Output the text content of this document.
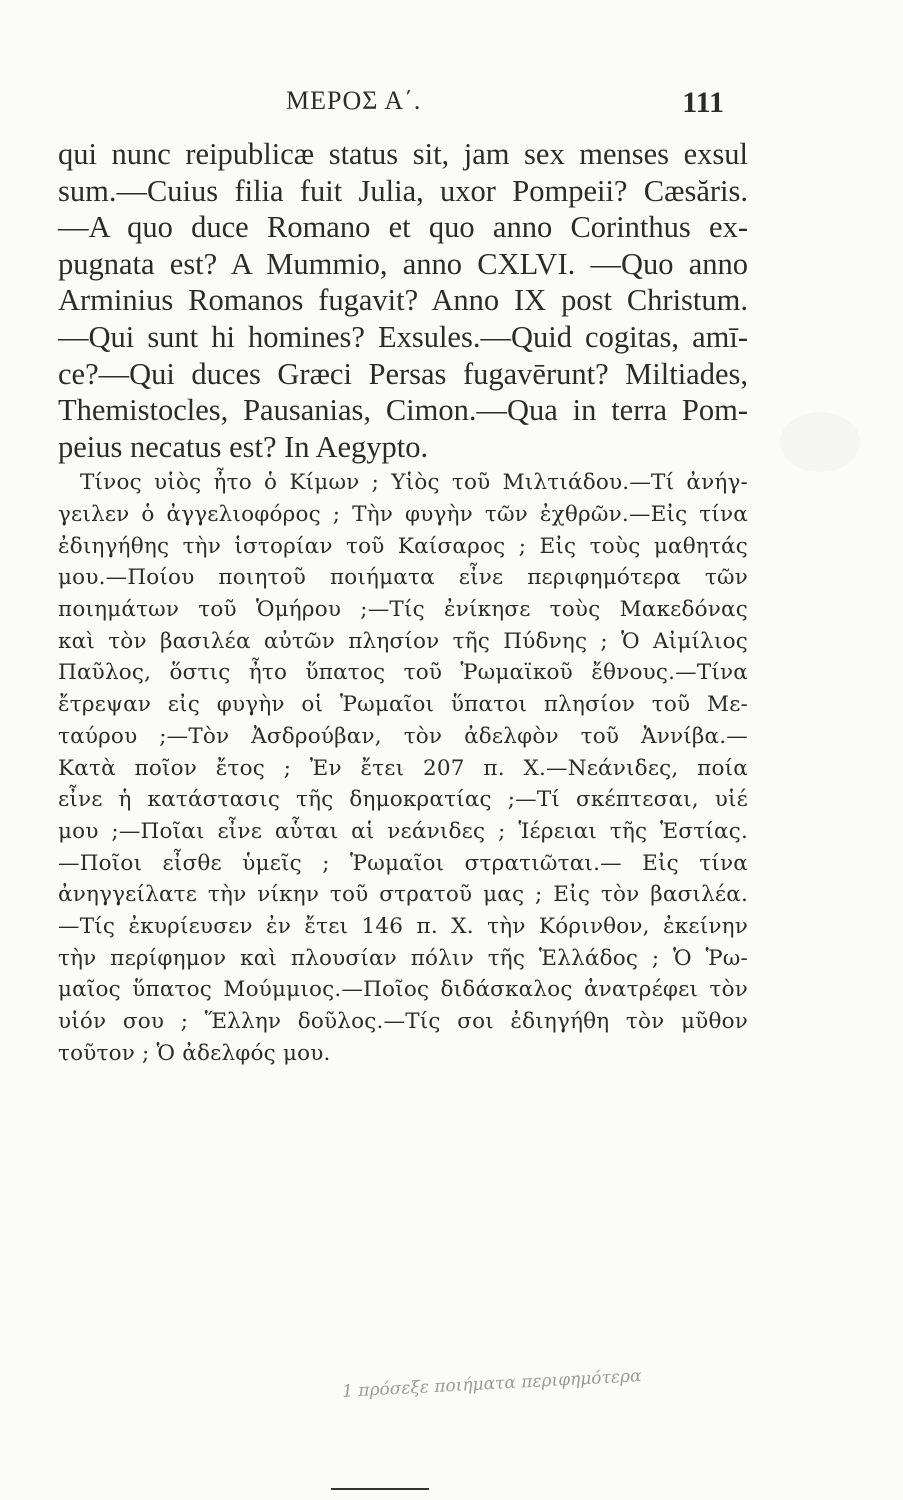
ΜΕΡΟΣ Α΄.	111
qui nunc reipublicæ status sit, jam sex menses exsul
sum.—Cuius filia fuit Julia, uxor Pompeii? Cæsăris.
—A quo duce Romano et quo anno Corinthus ex-
pugnata est? A Mummio, anno CXLVI. —Quo anno
Arminius Romanos fugavit? Anno IX post Christum.
—Qui sunt hi homines? Exsules.—Quid cogitas, amī-
ce?—Qui duces Græci Persas fugavērunt? Miltiades,
Themistocles, Pausanias, Cimon.—Qua in terra Pom-
peius necatus est? In Aegypto.
Τίνος υἱὸς ἦτο ὁ Κίμων ; Υἱὸς τοῦ Μιλτιάδου.—Τί ἀνήγ-
γειλεν ὁ ἀγγελιοφόρος ; Τὴν φυγὴν τῶν ἐχθρῶν.—Εἰς τίνα
ἐδιηγήθης τὴν ἱστορίαν τοῦ Καίσαρος ; Εἰς τοὺς μαθητάς
μου.—Ποίου ποιητοῦ ποιήματα εἶνε περιφημότερα τῶν
ποιημάτων τοῦ Ὁμήρου ;—Τίς ἐνίκησε τοὺς Μακεδόνας
καὶ τὸν βασιλέα αὐτῶν πλησίον τῆς Πύδνης ; Ὁ Αἰμίλιος
Παῦλος, ὅστις ἦτο ὕπατος τοῦ Ῥωμαϊκοῦ ἔθνους.—Τίνα
ἔτρεψαν εἰς φυγὴν οἱ Ῥωμαῖοι ὕπατοι πλησίον τοῦ Με-
ταύρου ;—Τὸν Ἀσδρούβαν, τὸν ἀδελφὸν τοῦ Ἀννίβα.—
Κατὰ ποῖον ἔτος ; Ἐν ἔτει 207 π. Χ.—Νεάνιδες, ποία
εἶνε ἡ κατάστασις τῆς δημοκρατίας ;—Τί σκέπτεσαι, υἱέ
μου ;—Ποῖαι εἶνε αὗται αἱ νεάνιδες ; Ἱέρειαι τῆς Ἑστίας.
—Ποῖοι εἶσθε ὑμεῖς ; Ῥωμαῖοι στρατιῶται.— Εἰς τίνα
ἀνηγγείλατε τὴν νίκην τοῦ στρατοῦ μας ; Εἰς τὸν βασιλέα.
—Τίς ἐκυρίευσεν ἐν ἔτει 146 π. Χ. τὴν Κόρινθον, ἐκείνην
τὴν περίφημον καὶ πλουσίαν πόλιν τῆς Ἑλλάδος ; Ὁ Ῥω-
μαῖος ὕπατος Μούμμιος.—Ποῖος διδάσκαλος ἀνατρέφει τὸν
υἱόν σου ; Ἕλλην δοῦλος.—Τίς σοι ἐδιηγήθη τὸν μῦθον
τοῦτον ; Ὁ ἀδελφός μου.
1 πρόσεξε ποιήματα περιφημότερα
